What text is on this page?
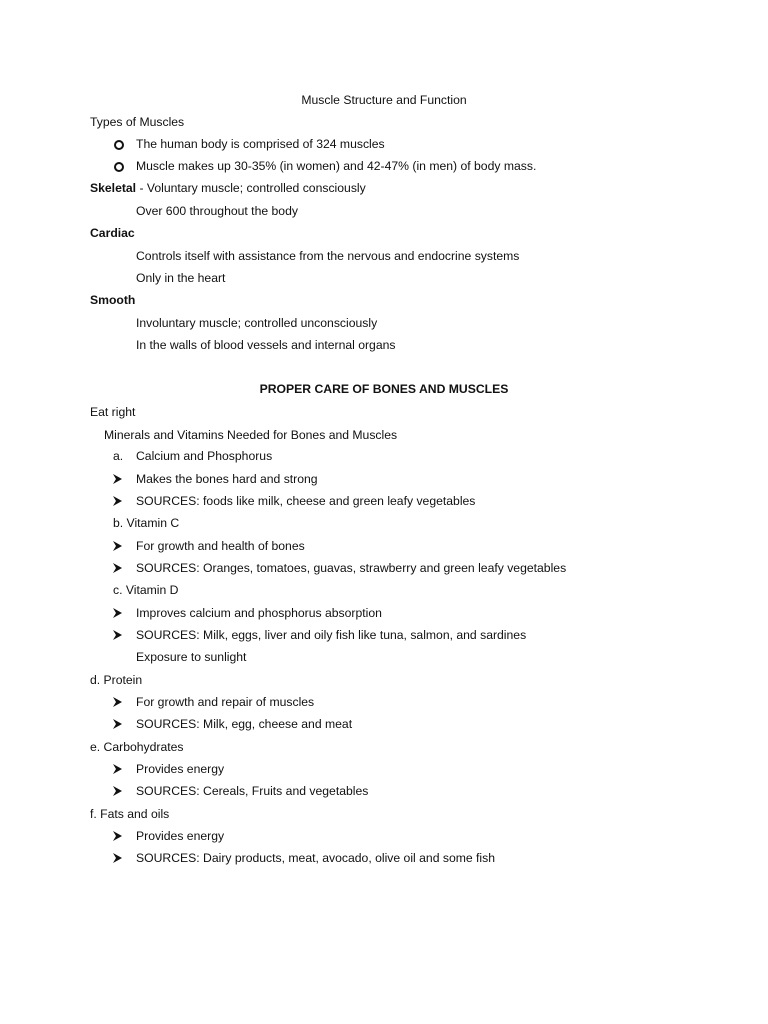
Muscle Structure and Function
Types of Muscles
The human body is comprised of 324 muscles
Muscle makes up 30-35% (in women) and 42-47% (in men) of body mass.
Skeletal - Voluntary muscle; controlled consciously
Over 600 throughout the body
Cardiac
Controls itself with assistance from the nervous and endocrine systems
Only in the heart
Smooth
Involuntary muscle; controlled unconsciously
In the walls of blood vessels and internal organs
PROPER CARE OF BONES AND MUSCLES
Eat right
Minerals and Vitamins Needed for Bones and Muscles
a. Calcium and Phosphorus
Makes the bones hard and strong
SOURCES: foods like milk, cheese and green leafy vegetables
b. Vitamin C
For growth and health of bones
SOURCES: Oranges, tomatoes, guavas, strawberry and green leafy vegetables
c. Vitamin D
Improves calcium and phosphorus absorption
SOURCES: Milk, eggs, liver and oily fish like tuna, salmon, and sardines
Exposure to sunlight
d. Protein
For growth and repair of muscles
SOURCES: Milk, egg, cheese and meat
e. Carbohydrates
Provides energy
SOURCES: Cereals, Fruits and vegetables
f. Fats and oils
Provides energy
SOURCES: Dairy products, meat, avocado, olive oil and some fish
